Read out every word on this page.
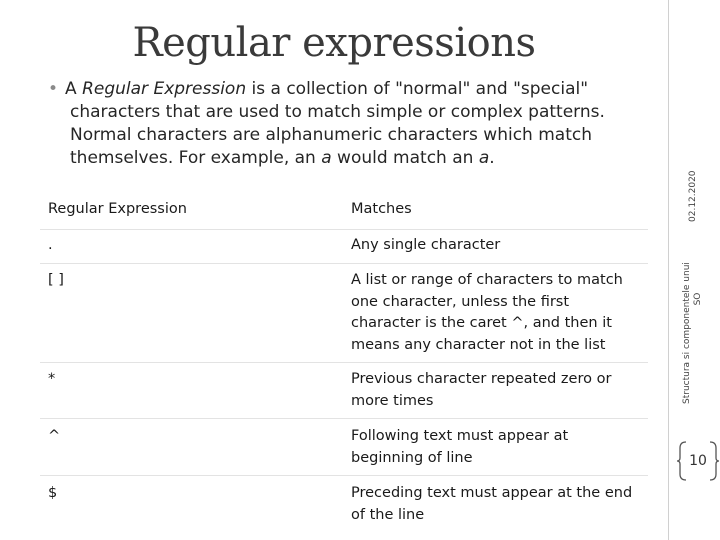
Regular expressions
• A Regular Expression is a collection of "normal" and "special"
characters that are used to match simple or complex patterns. Normal characters are alphanumeric characters which match themselves. For example, an a would match an a.
Regular Expression	Matches
.	Any single character
[ ]	A list or range of characters to match one character, unless the first character is the caret ^, and then it means any character not in the list
*	Previous character repeated zero or more times
^	Following text must appear at beginning of line
$	Preceding text must appear at the end of the line
02.12.2020
Structura si componentele unui SO
10
